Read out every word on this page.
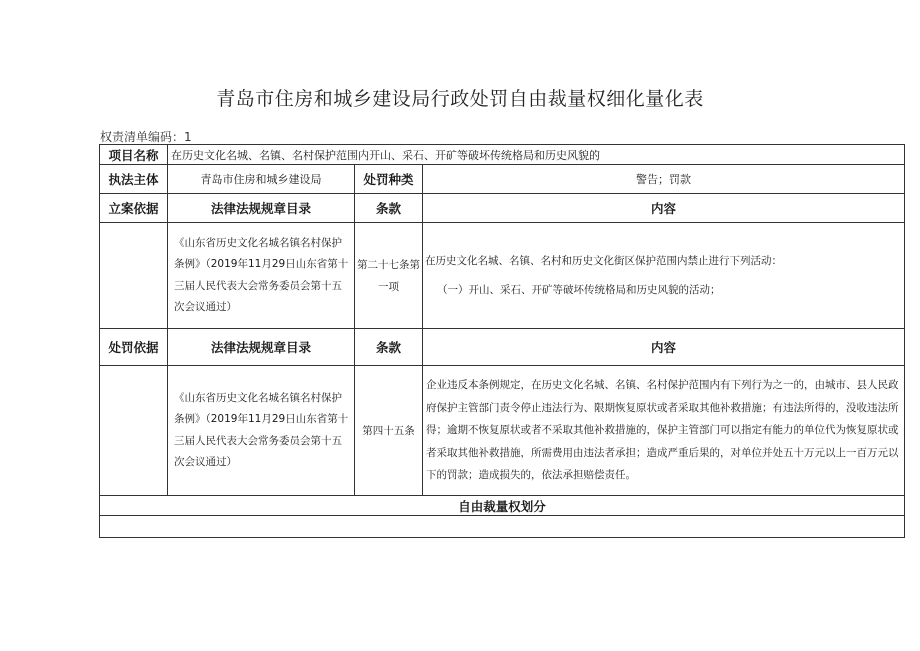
青岛市住房和城乡建设局行政处罚自由裁量权细化量化表
权责清单编码：1
项目名称	在历史文化名城、名镇、名村保护范围内开山、采石、开矿等破坏传统格局和历史风貌的		
执法主体	青岛市住房和城乡建设局	处罚种类	警告；罚款
立案依据	法律法规规章目录	条款	内容
	《山东省历史文化名城名镇名村保护条例》（2019年11月29日山东省第十三届人民代表大会常务委员会第十五次会议通过）	第二十七条第一项	在历史文化名城、名镇、名村和历史文化街区保护范围内禁止进行下列活动：
（一）开山、采石、开矿等破坏传统格局和历史风貌的活动；

处罚依据	法律法规规章目录	条款	内容
	《山东省历史文化名城名镇名村保护条例》（2019年11月29日山东省第十三届人民代表大会常务委员会第十五次会议通过）	第四十五条	企业违反本条例规定，在历史文化名城、名镇、名村保护范围内有下列行为之一的，由城市、县人民政府保护主管部门责令停止违法行为、限期恢复原状或者采取其他补救措施；有违法所得的，没收违法所得；逾期不恢复原状或者不采取其他补救措施的，保护主管部门可以指定有能力的单位代为恢复原状或者采取其他补救措施，所需费用由违法者承担；造成严重后果的，对单位并处五十万元以上一百万元以下的罚款；造成损失的，依法承担赔偿责任。
自由裁量权划分			
